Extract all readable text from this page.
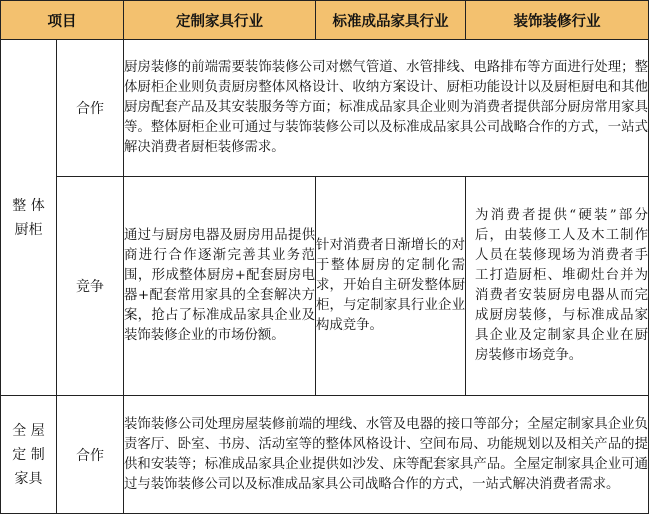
项目		定制家具行业	标准成品家具行业	装饰装修行业

整 体
厨柜	合作	厨房装修的前端需要装饰装修公司对燃气管道、水管排线、电路排布等方面进行处理；整体厨柜企业则负责厨房整体风格设计、收纳方案设计、厨柜功能设计以及厨柜厨电和其他厨房配套产品及其安装服务等方面；标准成品家具企业则为消费者提供部分厨房常用家具等。整体厨柜企业可通过与装饰装修公司以及标准成品家具公司战略合作的方式，一站式解决消费者厨柜装修需求。		
	竞争	通过与厨房电器及厨房用品提供商进行合作逐渐完善其业务范围，形成整体厨房+配套厨房电器+配套常用家具的全套解决方案，抢占了标准成品家具企业及装饰装修企业的市场份额。	针对消费者日渐增长的对于整体厨房的定制化需求，开始自主研发整体厨柜，与定制家具行业企业构成竞争。	为消费者提供“硬装”部分后，由装修工人及木工制作人员在装修现场为消费者手工打造厨柜、堆砌灶台并为消费者安装厨房电器从而完成厨房装修，与标准成品家具企业及定制家具企业在厨房装修市场竞争。

全 屋
定 制
家具	合作	装饰装修公司处理房屋装修前端的埋线、水管及电器的接口等部分；全屋定制家具企业负责客厅、卧室、书房、活动室等的整体风格设计、空间布局、功能规划以及相关产品的提供和安装等；标准成品家具企业提供如沙发、床等配套家具产品。全屋定制家具企业可通过与装饰装修公司以及标准成品家具公司战略合作的方式，一站式解决消费者需求。		
